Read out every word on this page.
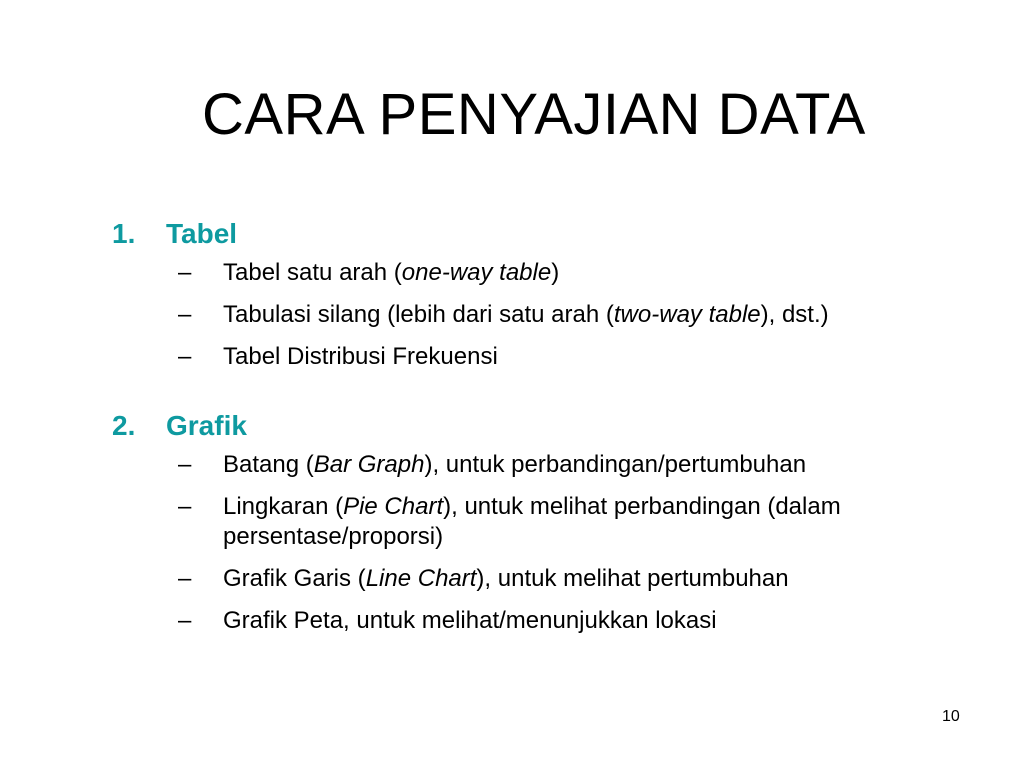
CARA PENYAJIAN DATA
1. Tabel
– Tabel satu arah (one-way table)
– Tabulasi silang (lebih dari satu arah (two-way table), dst.)
– Tabel Distribusi Frekuensi
2. Grafik
– Batang (Bar Graph), untuk perbandingan/pertumbuhan
– Lingkaran (Pie Chart), untuk melihat perbandingan (dalam persentase/proporsi)
– Grafik Garis (Line Chart), untuk melihat pertumbuhan
– Grafik Peta, untuk melihat/menunjukkan lokasi
10
